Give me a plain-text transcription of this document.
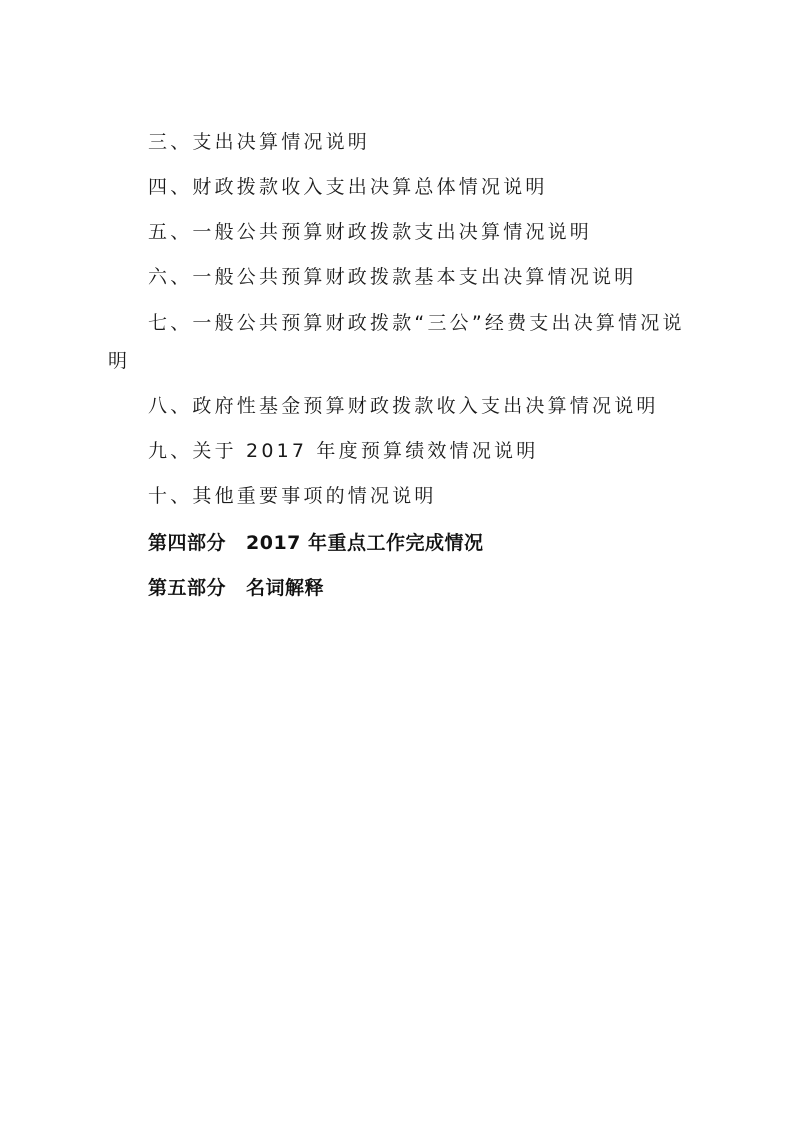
三、支出决算情况说明
四、财政拨款收入支出决算总体情况说明
五、一般公共预算财政拨款支出决算情况说明
六、一般公共预算财政拨款基本支出决算情况说明
七、一般公共预算财政拨款“三公”经费支出决算情况说
明
八、政府性基金预算财政拨款收入支出决算情况说明
九、关于 2017 年度预算绩效情况说明
十、其他重要事项的情况说明
第四部分 2017 年重点工作完成情况
第五部分 名词解释
